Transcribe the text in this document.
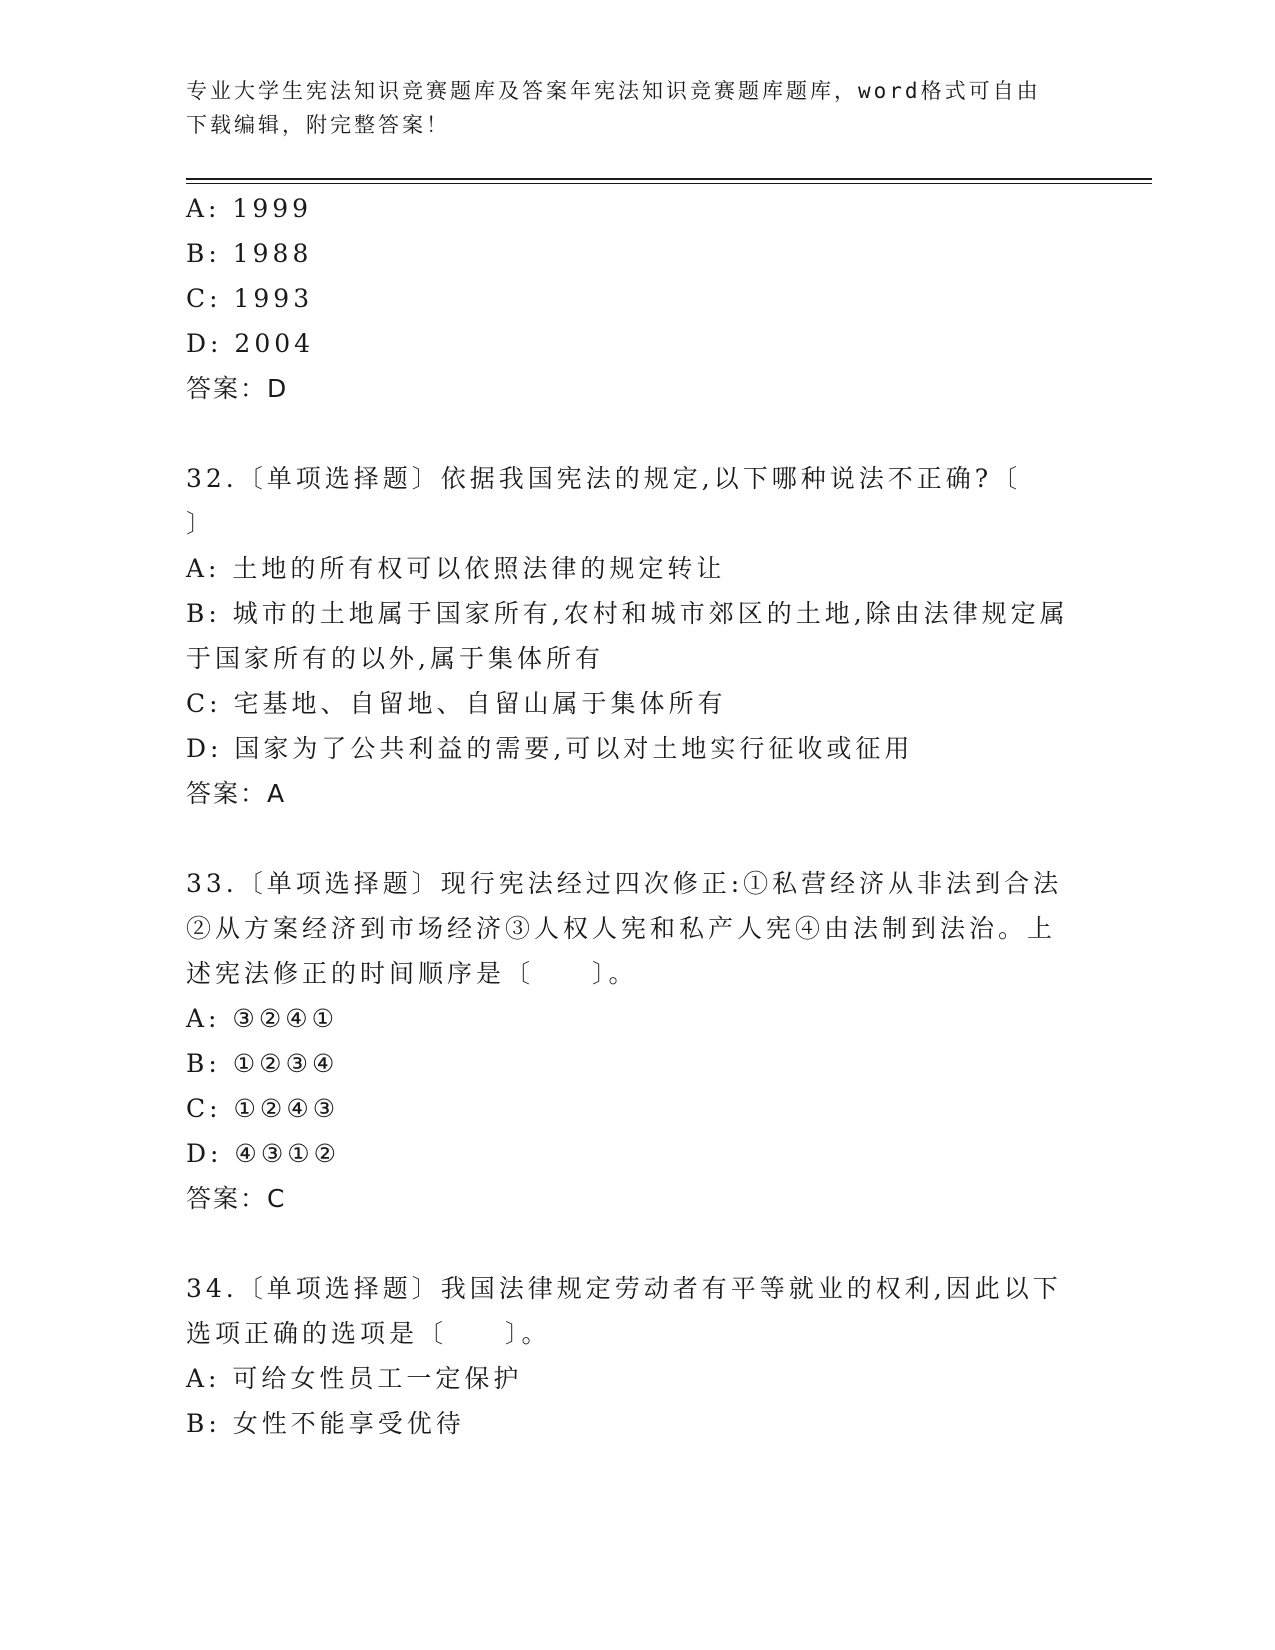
专业大学生宪法知识竞赛题库及答案年宪法知识竞赛题库题库，word格式可自由
下载编辑，附完整答案！
A: 1999
B: 1988
C: 1993
D: 2004
答案：D
32.〔单项选择题〕依据我国宪法的规定,以下哪种说法不正确?〔
〕
A: 土地的所有权可以依照法律的规定转让
B: 城市的土地属于国家所有,农村和城市郊区的土地,除由法律规定属
于国家所有的以外,属于集体所有
C: 宅基地、自留地、自留山属于集体所有
D: 国家为了公共利益的需要,可以对土地实行征收或征用
答案：A
33.〔单项选择题〕现行宪法经过四次修正:①私营经济从非法到合法
②从方案经济到市场经济③人权人宪和私产人宪④由法制到法治。上
述宪法修正的时间顺序是〔　　〕。
A: ③②④①
B: ①②③④
C: ①②④③
D: ④③①②
答案：C
34.〔单项选择题〕我国法律规定劳动者有平等就业的权利,因此以下
选项正确的选项是〔　　〕。
A: 可给女性员工一定保护
B: 女性不能享受优待
